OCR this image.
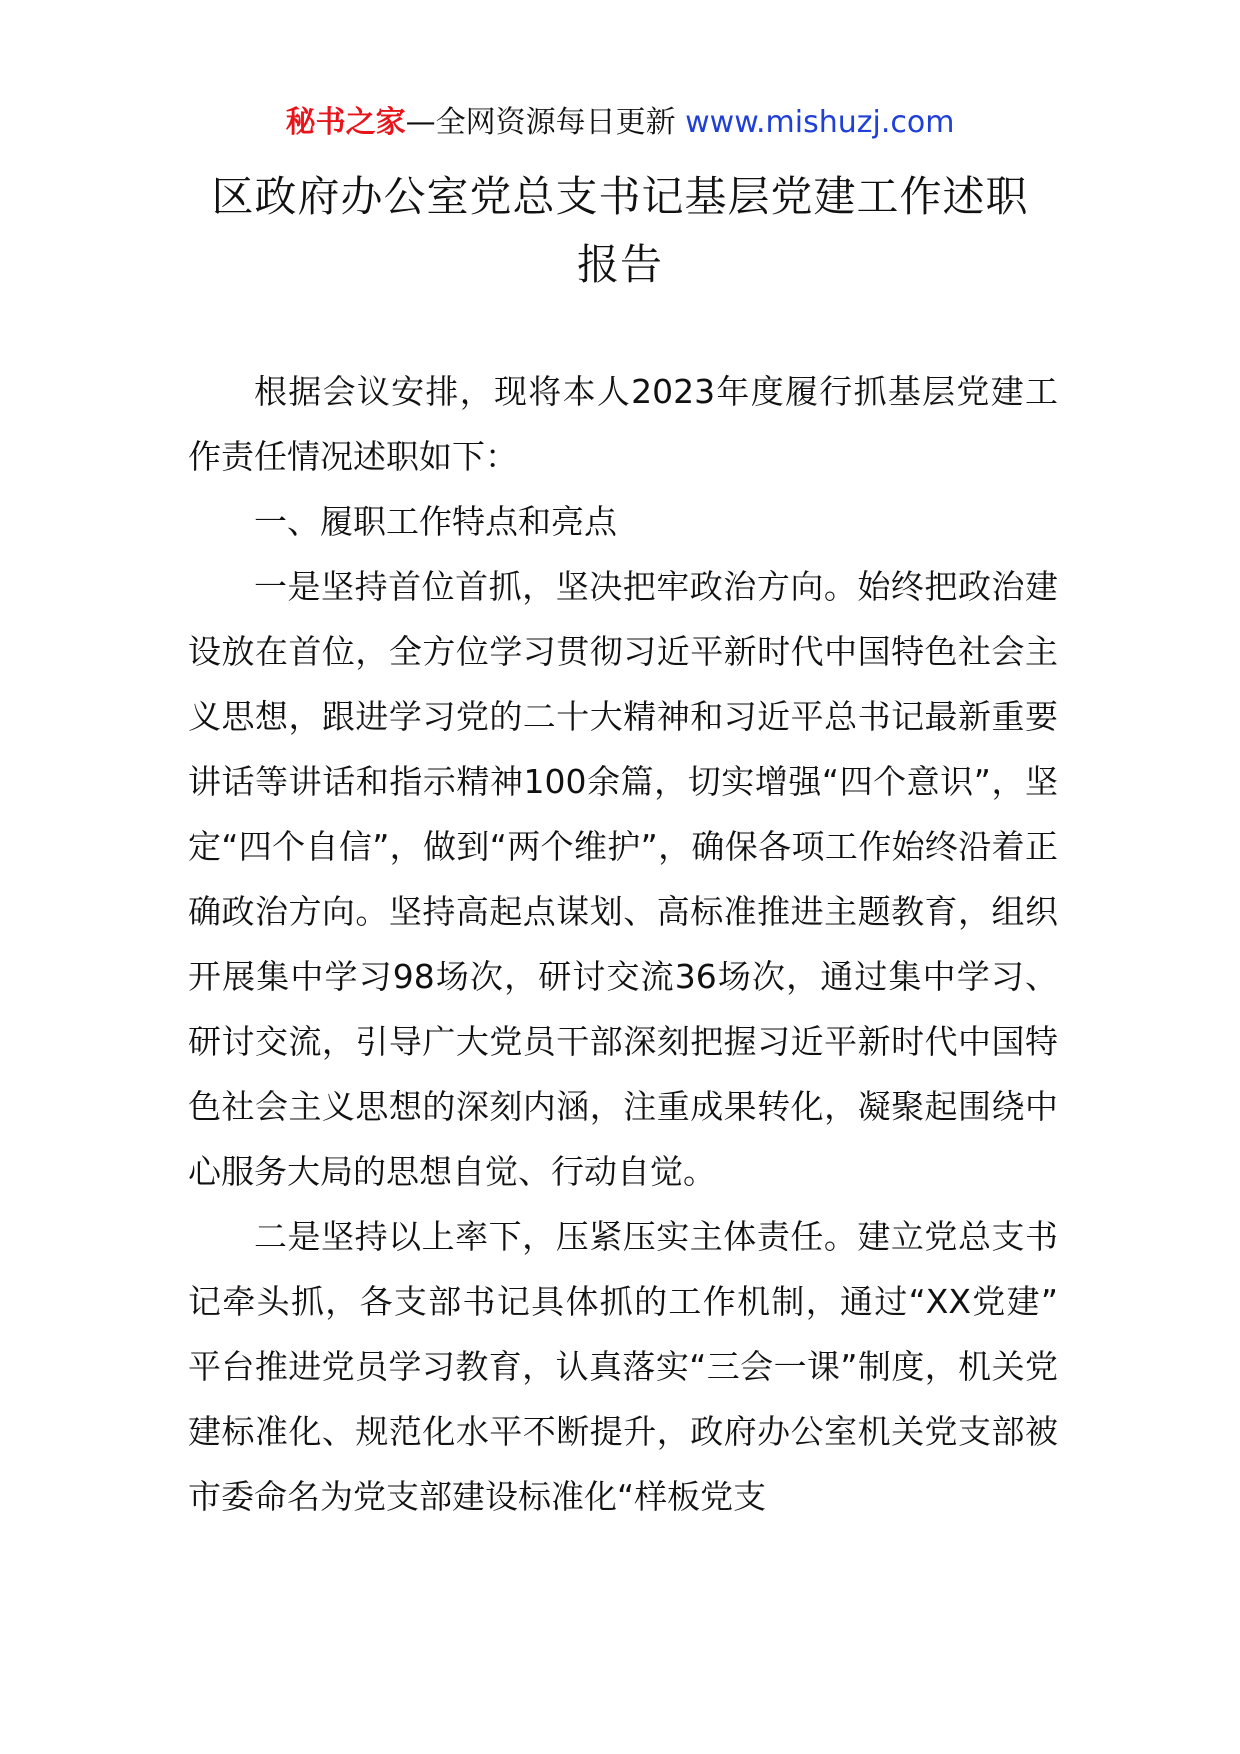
秘书之家—全网资源每日更新 www.mishuzj.com
区政府办公室党总支书记基层党建工作述职
报告

根据会议安排，现将本人2023年度履行抓基层党建工作责任情况述职如下：

一、履职工作特点和亮点

一是坚持首位首抓，坚决把牢政治方向。始终把政治建设放在首位，全方位学习贯彻习近平新时代中国特色社会主义思想，跟进学习党的二十大精神和习近平总书记最新重要讲话等讲话和指示精神100余篇，切实增强“四个意识”，坚定“四个自信”，做到“两个维护”，确保各项工作始终沿着正确政治方向。坚持高起点谋划、高标准推进主题教育，组织开展集中学习98场次，研讨交流36场次，通过集中学习、研讨交流，引导广大党员干部深刻把握习近平新时代中国特色社会主义思想的深刻内涵，注重成果转化，凝聚起围绕中心服务大局的思想自觉、行动自觉。

二是坚持以上率下，压紧压实主体责任。建立党总支书记牵头抓，各支部书记具体抓的工作机制，通过“XX党建”平台推进党员学习教育，认真落实“三会一课”制度，机关党建标准化、规范化水平不断提升，政府办公室机关党支部被市委命名为党支部建设标准化“样板党支
